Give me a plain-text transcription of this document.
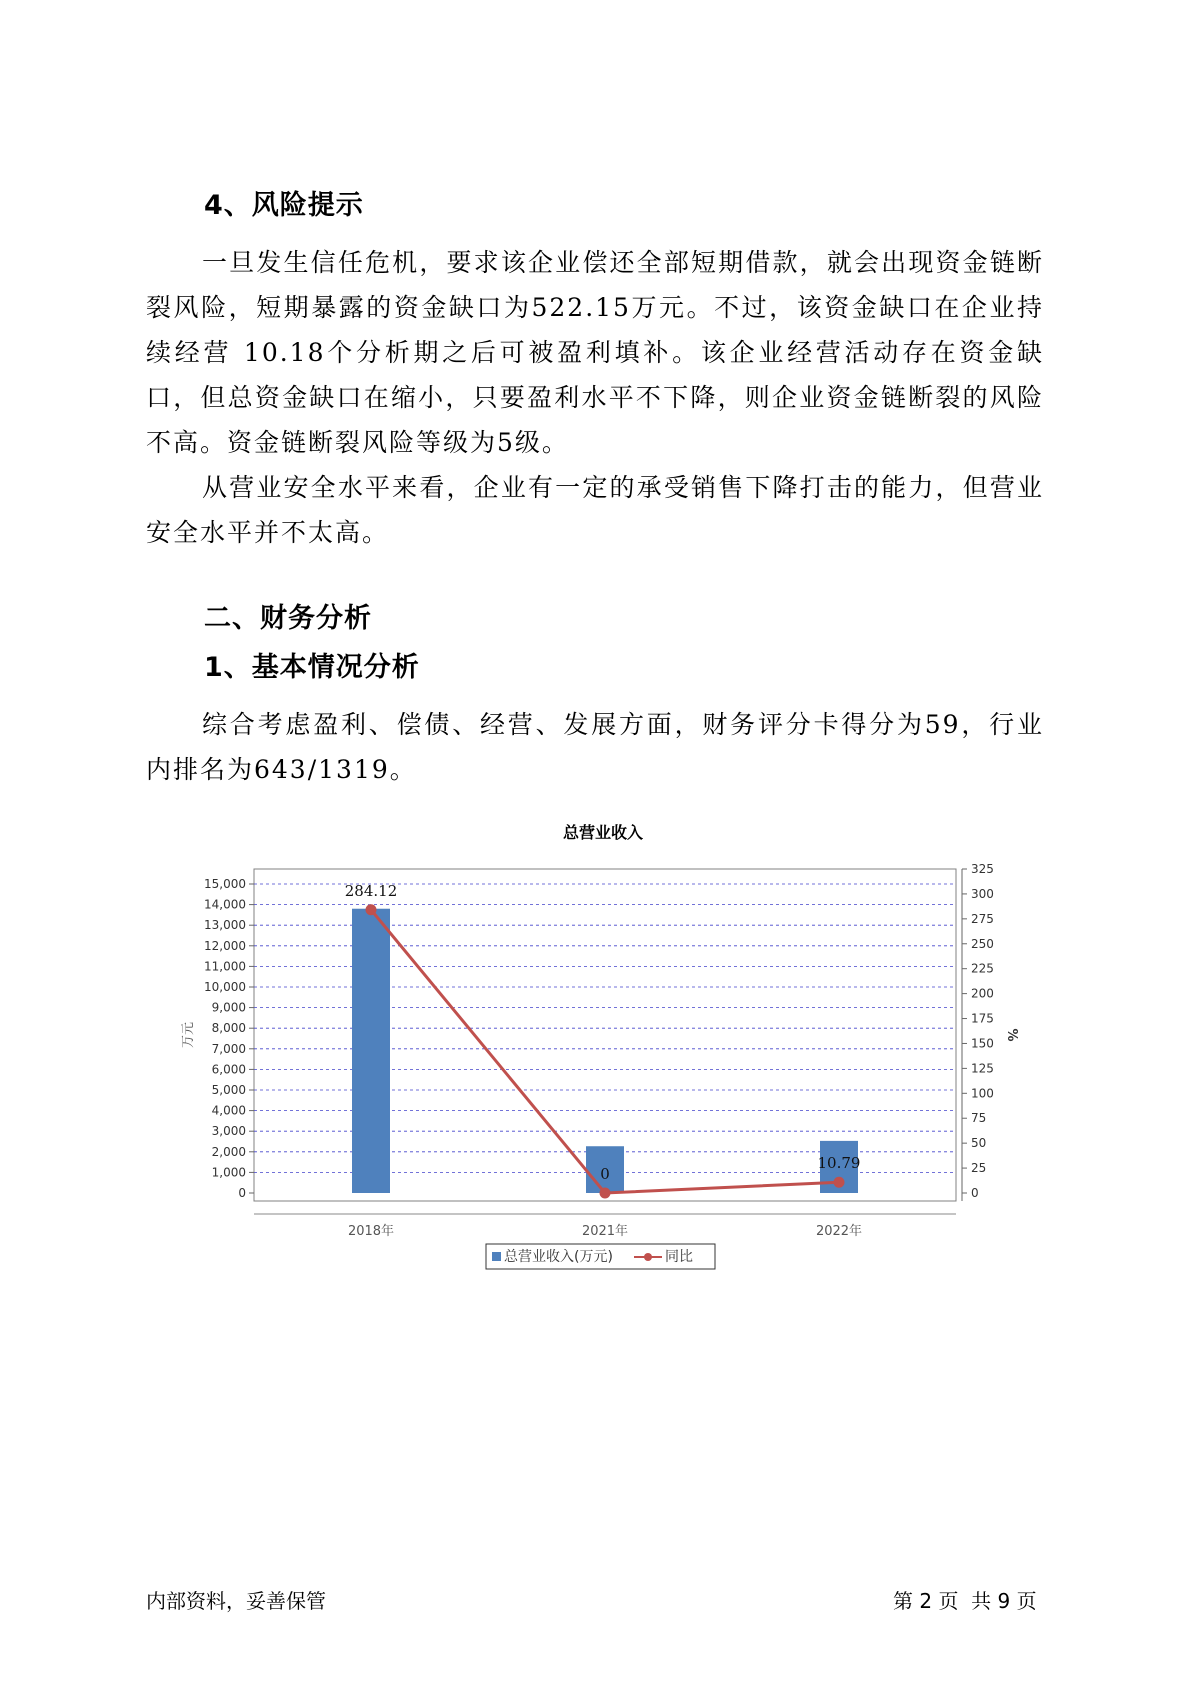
4、风险提示
一旦发生信任危机，要求该企业偿还全部短期借款，就会出现资金链断裂风险，短期暴露的资金缺口为522.15万元。不过，该资金缺口在企业持续经营 10.18个分析期之后可被盈利填补。该企业经营活动存在资金缺口，但总资金缺口在缩小，只要盈利水平不下降，则企业资金链断裂的风险不高。资金链断裂风险等级为5级。
从营业安全水平来看，企业有一定的承受销售下降打击的能力，但营业安全水平并不太高。
二、财务分析
1、基本情况分析
综合考虑盈利、偿债、经营、发展方面，财务评分卡得分为59，行业内排名为643/1319。
总营业收入
284.12
0
10.79
0
1,000
2,000
3,000
4,000
5,000
6,000
7,000
8,000
9,000
10,000
11,000
12,000
13,000
14,000
15,000
0
25
50
75
100
125
150
175
200
225
250
275
300
325
2018年	2021年	2022年
万元	%
总营业收入(万元)	同比
内部资料，妥善保管	第 2 页  共 9 页
